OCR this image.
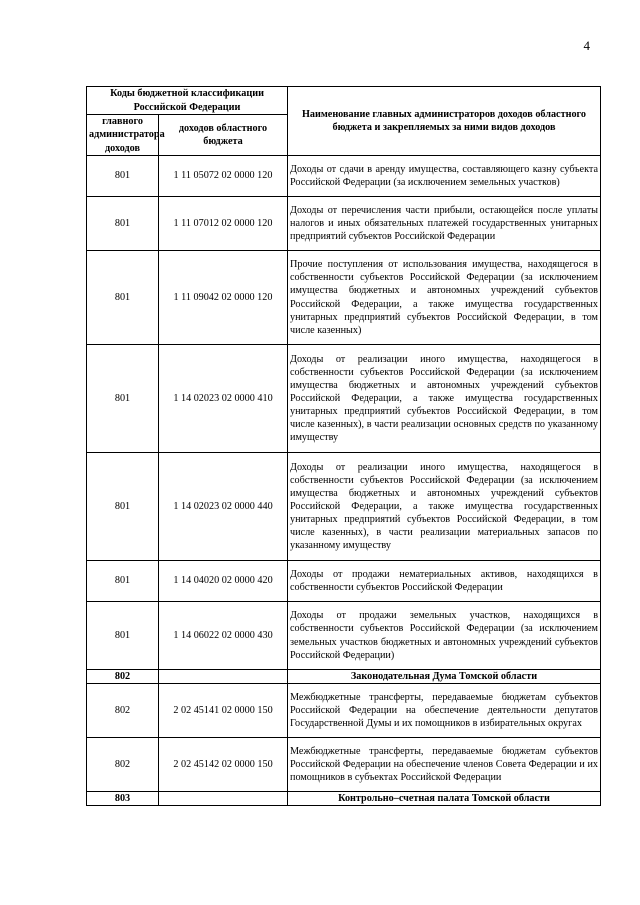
4
Коды бюджетной классификации Российской Федерации		Наименование главных администраторов доходов областного бюджета и закрепляемых за ними видов доходов
главного администратора доходов	доходов областного бюджета	
801	1 11 05072 02 0000 120	Доходы от сдачи в аренду имущества, составляющего казну субъекта Российской Федерации (за исключением земельных участков)
801	1 11 07012 02 0000 120	Доходы от перечисления части прибыли, остающейся после уплаты налогов и иных обязательных платежей государственных унитарных предприятий субъектов Российской Федерации
801	1 11 09042 02 0000 120	Прочие поступления от использования имущества, находящегося в собственности субъектов Российской Федерации (за исключением имущества бюджетных и автономных учреждений субъектов Российской Федерации, а также имущества государственных унитарных предприятий субъектов Российской Федерации, в том числе казенных)
801	1 14 02023 02 0000 410	Доходы от реализации иного имущества, находящегося в собственности субъектов Российской Федерации (за исключением имущества бюджетных и автономных учреждений субъектов Российской Федерации, а также имущества государственных унитарных предприятий субъектов Российской Федерации, в том числе казенных), в части реализации основных средств по указанному имуществу
801	1 14 02023 02 0000 440	Доходы от реализации иного имущества, находящегося в собственности субъектов Российской Федерации (за исключением имущества бюджетных и автономных учреждений субъектов Российской Федерации, а также имущества государственных унитарных предприятий субъектов Российской Федерации, в том числе казенных), в части реализации материальных запасов по указанному имуществу
801	1 14 04020 02 0000 420	Доходы от продажи нематериальных активов, находящихся в собственности субъектов Российской Федерации
801	1 14 06022 02 0000 430	Доходы от продажи земельных участков, находящихся в собственности субъектов Российской Федерации (за исключением земельных участков бюджетных и автономных учреждений субъектов Российской Федерации)
802		Законодательная Дума Томской области
802	2 02 45141 02 0000 150	Межбюджетные трансферты, передаваемые бюджетам субъектов Российской Федерации на обеспечение деятельности депутатов Государственной Думы и их помощников в избирательных округах
802	2 02 45142 02 0000 150	Межбюджетные трансферты, передаваемые бюджетам субъектов Российской Федерации на обеспечение членов Совета Федерации и их помощников в субъектах Российской Федерации
803		Контрольно–счетная палата Томской области
